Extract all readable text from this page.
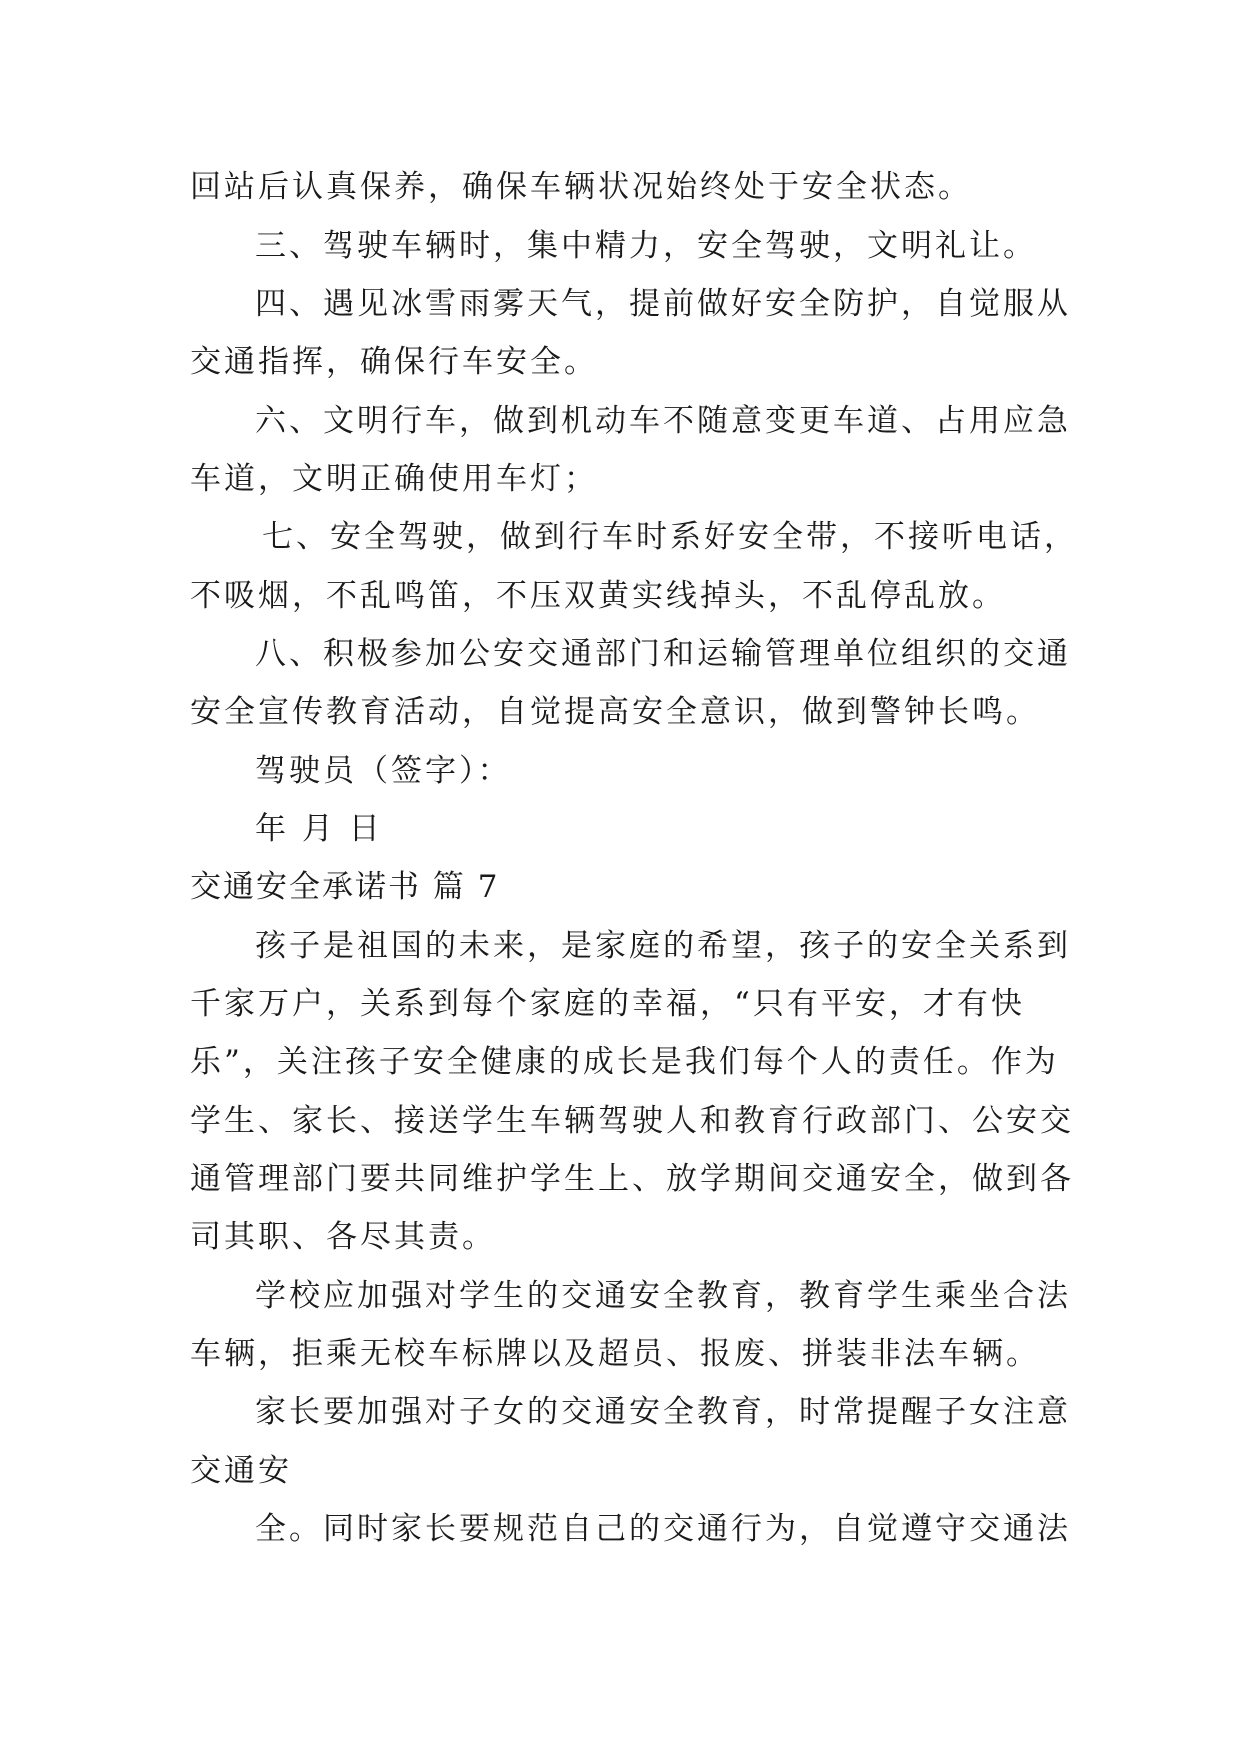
回站后认真保养，确保车辆状况始终处于安全状态。
三、驾驶车辆时，集中精力，安全驾驶，文明礼让。
四、遇见冰雪雨雾天气，提前做好安全防护，自觉服从
交通指挥，确保行车安全。
六、文明行车，做到机动车不随意变更车道、占用应急
车道，文明正确使用车灯；
七、安全驾驶，做到行车时系好安全带，不接听电话，
不吸烟，不乱鸣笛，不压双黄实线掉头，不乱停乱放。
八、积极参加公安交通部门和运输管理单位组织的交通
安全宣传教育活动，自觉提高安全意识，做到警钟长鸣。
驾驶员（签字）：
年 月 日
交通安全承诺书 篇 7
孩子是祖国的未来，是家庭的希望，孩子的安全关系到
千家万户，关系到每个家庭的幸福，“只有平安，才有快
乐”，关注孩子安全健康的成长是我们每个人的责任。作为
学生、家长、接送学生车辆驾驶人和教育行政部门、公安交
通管理部门要共同维护学生上、放学期间交通安全，做到各
司其职、各尽其责。
学校应加强对学生的交通安全教育，教育学生乘坐合法
车辆，拒乘无校车标牌以及超员、报废、拼装非法车辆。
家长要加强对子女的交通安全教育，时常提醒子女注意
交通安
全。同时家长要规范自己的交通行为，自觉遵守交通法
